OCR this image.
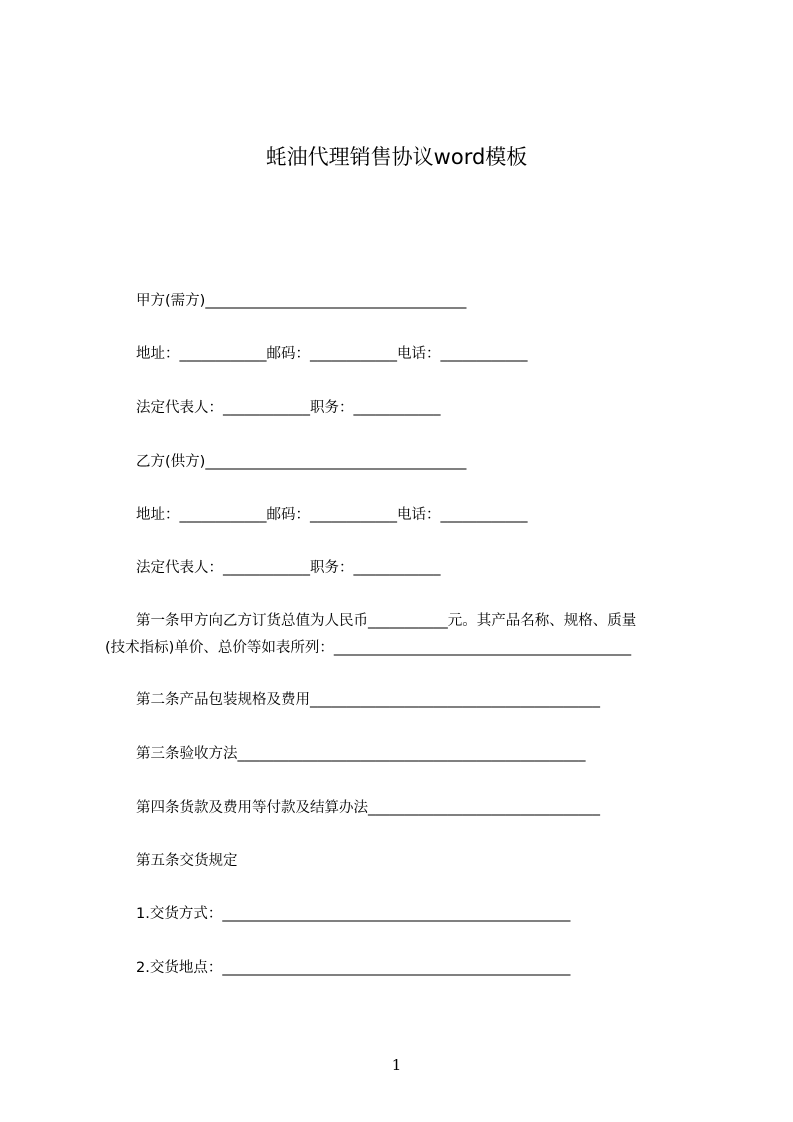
蚝油代理销售协议word模板
甲方(需方)____________________________________
地址：____________邮码：____________电话：____________
法定代表人：____________职务：____________
乙方(供方)____________________________________
地址：____________邮码：____________电话：____________
法定代表人：____________职务：____________
第一条甲方向乙方订货总值为人民币___________元。其产品名称、规格、质量
(技术指标)单价、总价等如表所列：_________________________________________
第二条产品包装规格及费用________________________________________
第三条验收方法________________________________________________
第四条货款及费用等付款及结算办法________________________________
第五条交货规定
1.交货方式：________________________________________________
2.交货地点：________________________________________________
1
